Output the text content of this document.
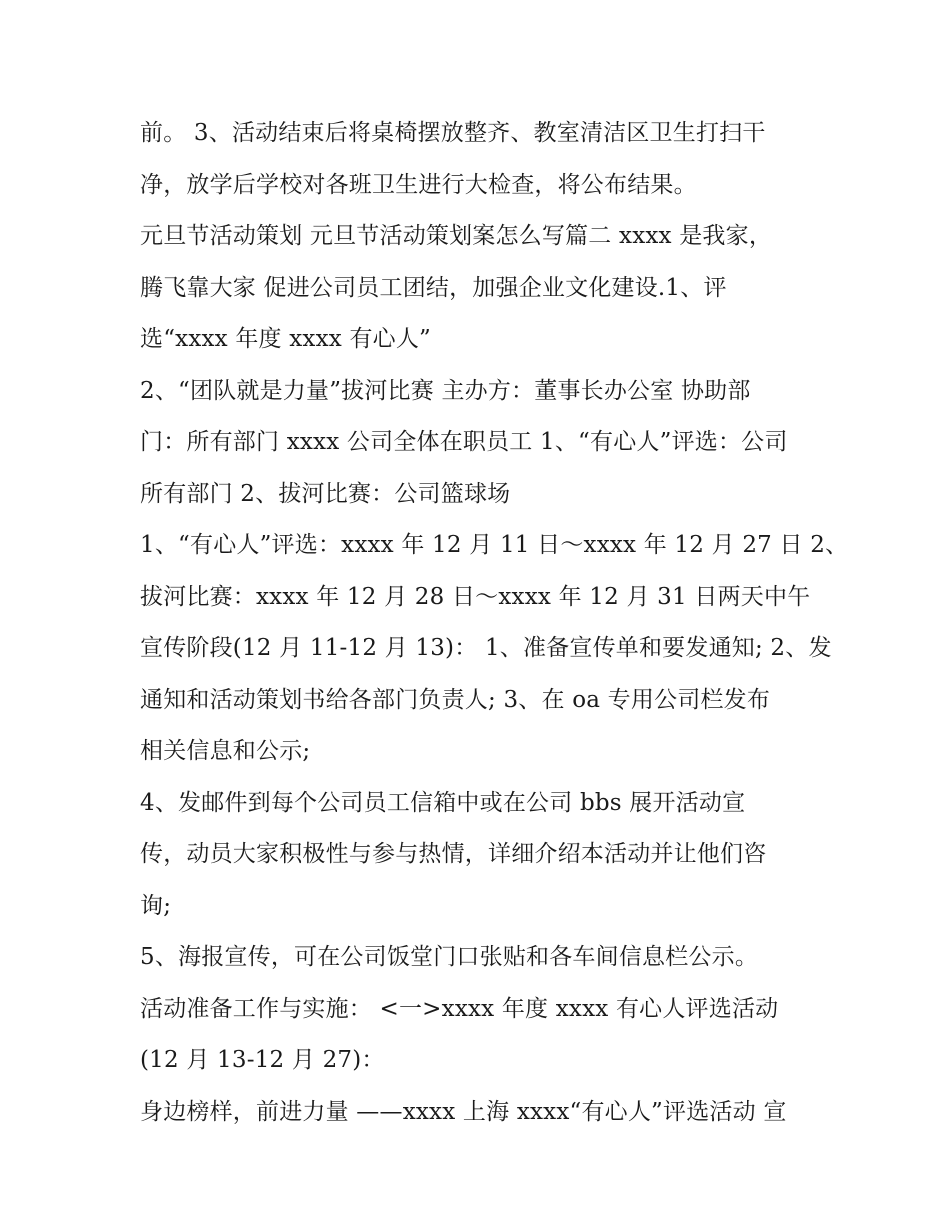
前。 3、活动结束后将桌椅摆放整齐、教室清洁区卫生打扫干
净，放学后学校对各班卫生进行大检查，将公布结果。
元旦节活动策划 元旦节活动策划案怎么写篇二 xxxx 是我家，
腾飞靠大家 促进公司员工团结，加强企业文化建设.1、评
选“xxxx 年度 xxxx 有心人”
2、“团队就是力量”拔河比赛 主办方：董事长办公室 协助部
门：所有部门 xxxx 公司全体在职员工 1、“有心人”评选：公司
所有部门 2、拔河比赛：公司篮球场
1、“有心人”评选：xxxx 年 12 月 11 日～xxxx 年 12 月 27 日 2、
拔河比赛：xxxx 年 12 月 28 日～xxxx 年 12 月 31 日两天中午
宣传阶段(12 月 11-12 月 13)： 1、准备宣传单和要发通知; 2、发
通知和活动策划书给各部门负责人; 3、在 oa 专用公司栏发布
相关信息和公示;
4、发邮件到每个公司员工信箱中或在公司 bbs 展开活动宣
传，动员大家积极性与参与热情，详细介绍本活动并让他们咨
询;
5、海报宣传，可在公司饭堂门口张贴和各车间信息栏公示。
活动准备工作与实施： <一>xxxx 年度 xxxx 有心人评选活动
(12 月 13-12 月 27)：
身边榜样，前进力量 ——xxxx 上海 xxxx“有心人”评选活动 宣
